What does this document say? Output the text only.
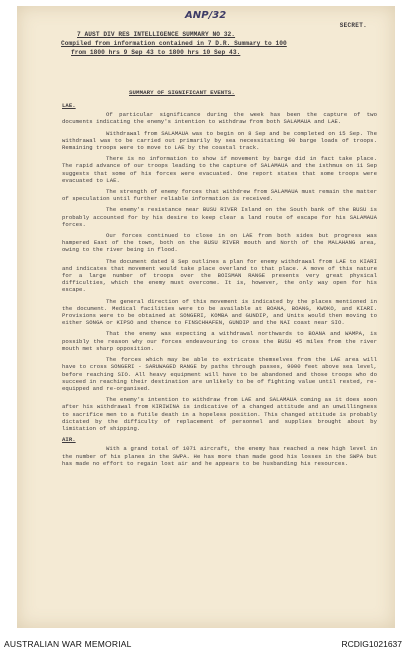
ANP/32
SECRET.
7 AUST DIV RES INTELLIGENCE SUMMARY NO 32.
Compiled from information contained in 7 D.R. Summary to 100
from 1800 hrs 9 Sep 43 to 1800 hrs 10 Sep 43.
SUMMARY OF SIGNIFICANT EVENTS.
LAE.

Of particular significance during the week has been the capture of two documents indicating the enemy's intention to withdraw from both SALAMAUA and LAE.

Withdrawal from SALAMAUA was to begin on 8 Sep and be completed on 15 Sep. The withdrawal was to be carried out primarily by sea necessitating 90 barge loads of troops. Remaining troops were to move to LAE by the coastal track.

There is no information to show if movement by barge did in fact take place. The rapid advance of our troops leading to the capture of SALAMAUA and the isthmus on 11 Sep suggests that some of his forces were evacuated. One report states that some troops were evacuated to LAE.

The strength of enemy forces that withdrew from SALAMAUA must remain the matter of speculation until further reliable information is received.

The enemy's resistance near BUSU RIVER Island on the South bank of the BUSU is probably accounted for by his desire to keep clear a land route of escape for his SALAMAUA forces.

Our forces continued to close in on LAE from both sides but progress was hampered East of the town, both on the BUSU RIVER mouth and North of the MALAHANG area, owing to the river being in flood.

The document dated 8 Sep outlines a plan for enemy withdrawal from LAE to KIARI and indicates that movement would take place overland to that place. A move of this nature for a large number of troops over the BOISMAN RANGE presents very great physical difficulties, which the enemy must overcome. It is, however, the only way open for his escape.

The general direction of this movement is indicated by the places mentioned in the document. Medical facilities were to be available at BOANA, BOANG, KWOKO, and KIARI. Provisions were to be obtained at SONGERI, KOMBA and GUNDIP, and Units would then moving to either SONGA or KIPSO and thence to FINSCHHAFEN, GUNDIP and the NAI coast near SIO.

That the enemy was expecting a withdrawal northwards to BOANA and WAMPA, is possibly the reason why our forces endeavouring to cross the BUSU 45 miles from the river mouth met sharp opposition.

The forces which may be able to extricate themselves from the LAE area will have to cross SONGERI - SARUWAGED RANGE by paths through passes, 9000 feet above sea level, before reaching SIO. All heavy equipment will have to be abandoned and those troops who do succeed in reaching their destination are unlikely to be of fighting value until rested, re-equipped and re-organised.

The enemy's intention to withdraw from LAE and SALAMAUA coming as it does soon after his withdrawal from KIRIWINA is indicative of a changed attitude and an unwillingness to sacrifice men to a futile death in a hopeless position. This changed attitude is probably dictated by the difficulty of replacement of personnel and supplies brought about by limitation of shipping.

AIR.

With a grand total of 1071 aircraft, the enemy has reached a new high level in the number of his planes in the SWPA. He has more than made good his losses in the SWPA but has made no effort to regain lost air and he appears to be husbanding his resources.

AUSTRALIAN WAR MEMORIAL	RCDIG1021637
